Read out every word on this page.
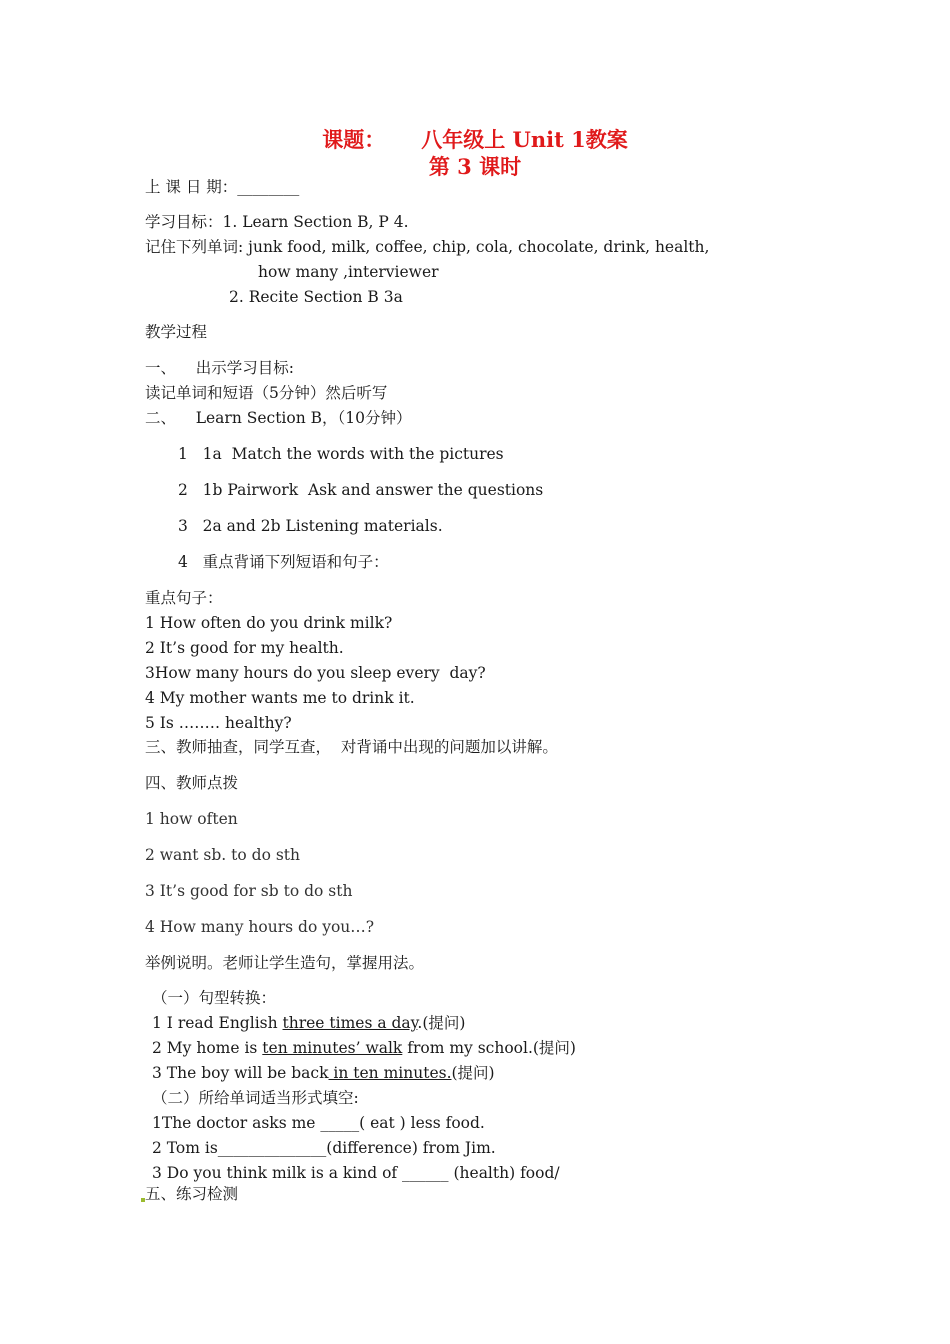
课题： 八年级上 Unit 1教案
第 3 课时
上 课 日 期：________
学习目标：1. Learn Section B, P 4.
记住下列单词: junk food, milk, coffee, chip, cola, chocolate, drink, health,
how many ,interviewer
2. Recite Section B 3a
教学过程
一、    出示学习目标:
读记单词和短语（5分钟）然后听写
二、    Learn Section B，（10分钟）
1   1a  Match the words with the pictures
2   1b Pairwork  Ask and answer the questions
3   2a and 2b Listening materials.
4   重点背诵下列短语和句子：
重点句子：
1 How often do you drink milk?
2 It’s good for my health.
3How many hours do you sleep every  day?
4 My mother wants me to drink it.
5 Is ……‥ healthy?
三、教师抽查，同学互查，  对背诵中出现的问题加以讲解。
四、教师点拨
1 how often
2 want sb. to do sth
3 It’s good for sb to do sth
4 How many hours do you…?
举例说明。老师让学生造句，掌握用法。
（一）句型转换：
1 I read English three times a day.(提问)
2 My home is ten minutes’ walk from my school.(提问)
3 The boy will be back in ten minutes.(提问)
（二）所给单词适当形式填空:
1The doctor asks me _____( eat ) less food.
2 Tom is______________(difference) from Jim.
3 Do you think milk is a kind of ______ (health) food/
五、练习检测
